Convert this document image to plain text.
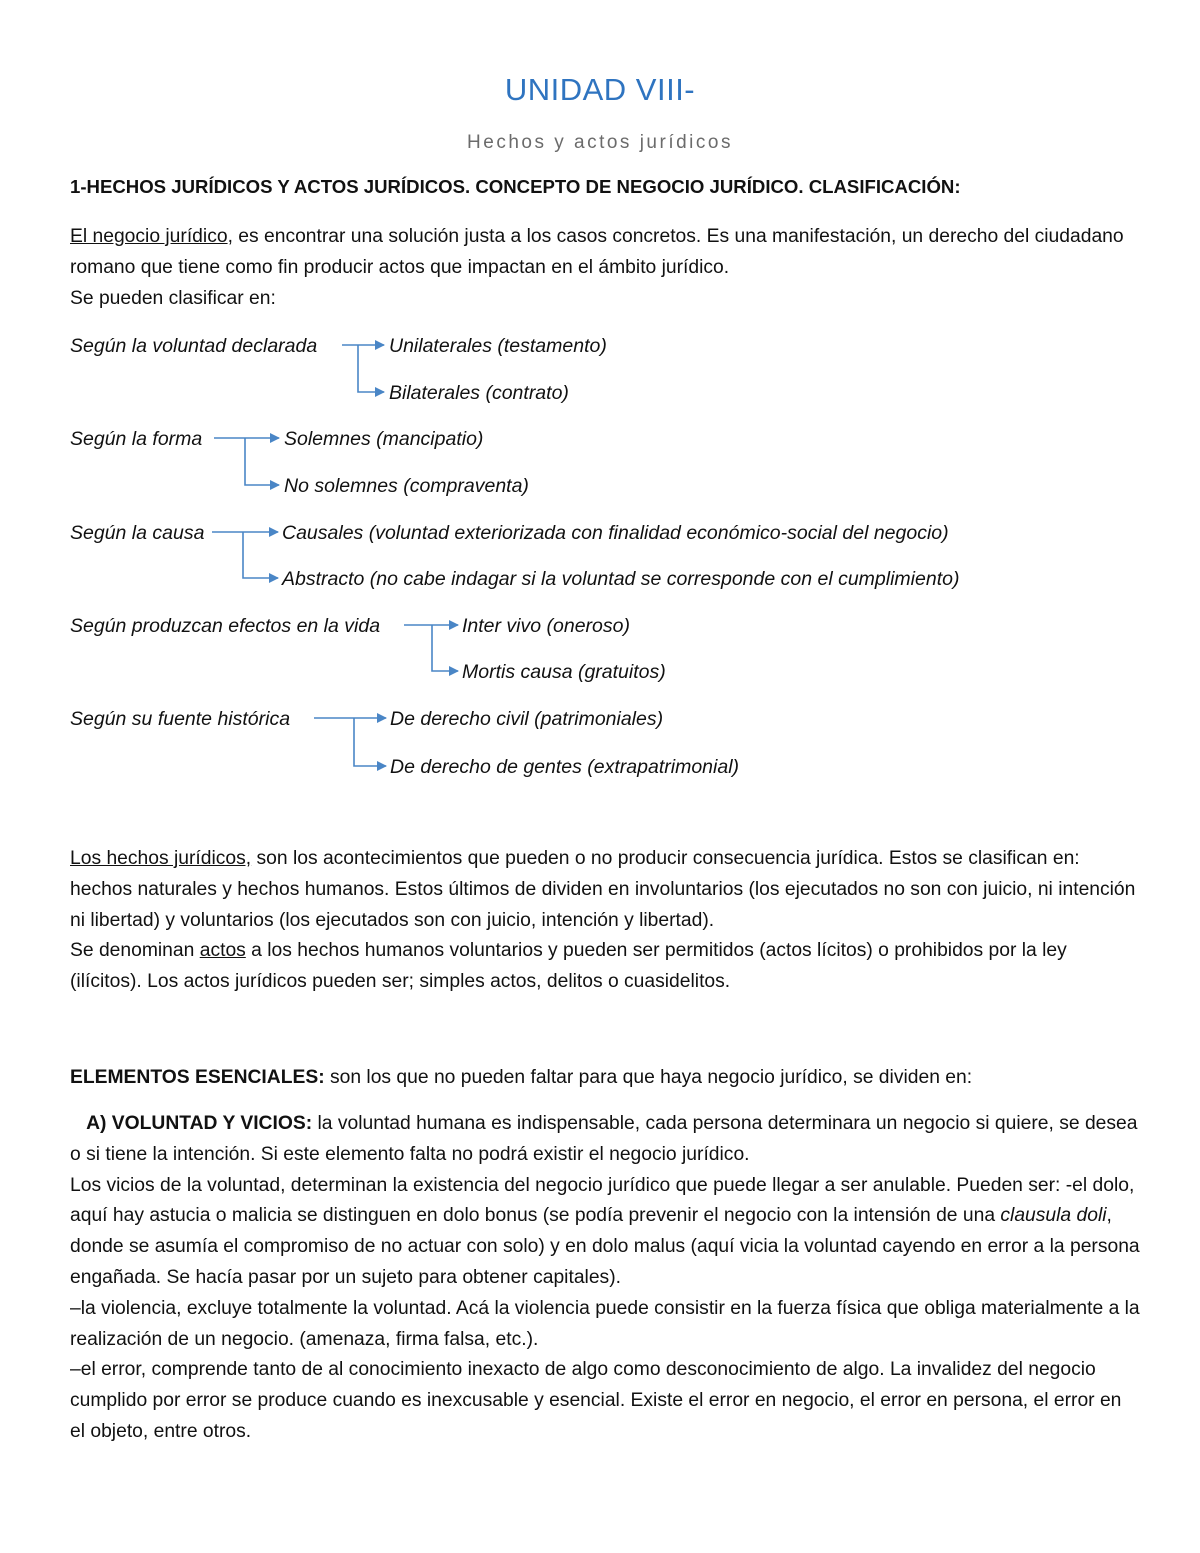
UNIDAD VIII-
Hechos y actos jurídicos
1-HECHOS JURÍDICOS Y ACTOS JURÍDICOS. CONCEPTO DE NEGOCIO JURÍDICO. CLASIFICACIÓN:
El negocio jurídico, es encontrar una solución justa a los casos concretos. Es una manifestación, un derecho del ciudadano romano que tiene como fin producir actos que impactan en el ámbito jurídico.
Se pueden clasificar en:
Según la voluntad declarada	Unilaterales (testamento)
Bilaterales (contrato)
Según la forma	Solemnes (mancipatio)
No solemnes (compraventa)
Según la causa	Causales (voluntad exteriorizada con finalidad económico-social del negocio)
Abstracto (no cabe indagar si la voluntad se corresponde con el cumplimiento)
Según produzcan efectos en la vida	Inter vivo (oneroso)
Mortis causa (gratuitos)
Según su fuente histórica	De derecho civil (patrimoniales)
De derecho de gentes (extrapatrimonial)
Los hechos jurídicos, son los acontecimientos que pueden o no producir consecuencia jurídica. Estos se clasifican en: hechos naturales y hechos humanos. Estos últimos de dividen en involuntarios (los ejecutados no son con juicio, ni intención ni libertad) y voluntarios (los ejecutados son con juicio, intención y libertad).
Se denominan actos a los hechos humanos voluntarios y pueden ser permitidos (actos lícitos) o prohibidos por la ley (ilícitos). Los actos jurídicos pueden ser; simples actos, delitos o cuasidelitos.
ELEMENTOS ESENCIALES: son los que no pueden faltar para que haya negocio jurídico, se dividen en:
A) VOLUNTAD Y VICIOS: la voluntad humana es indispensable, cada persona determinara un negocio si quiere, se desea o si tiene la intención. Si este elemento falta no podrá existir el negocio jurídico.
Los vicios de la voluntad, determinan la existencia del negocio jurídico que puede llegar a ser anulable. Pueden ser: -el dolo, aquí hay astucia o malicia se distinguen en dolo bonus (se podía prevenir el negocio con la intensión de una clausula doli, donde se asumía el compromiso de no actuar con solo) y en dolo malus (aquí vicia la voluntad cayendo en error a la persona engañada. Se hacía pasar por un sujeto para obtener capitales).
–la violencia, excluye totalmente la voluntad. Acá la violencia puede consistir en la fuerza física que obliga materialmente a la realización de un negocio. (amenaza, firma falsa, etc.).
–el error, comprende tanto de al conocimiento inexacto de algo como desconocimiento de algo. La invalidez del negocio cumplido por error se produce cuando es inexcusable y esencial. Existe el error en negocio, el error en persona, el error en el objeto, entre otros.
